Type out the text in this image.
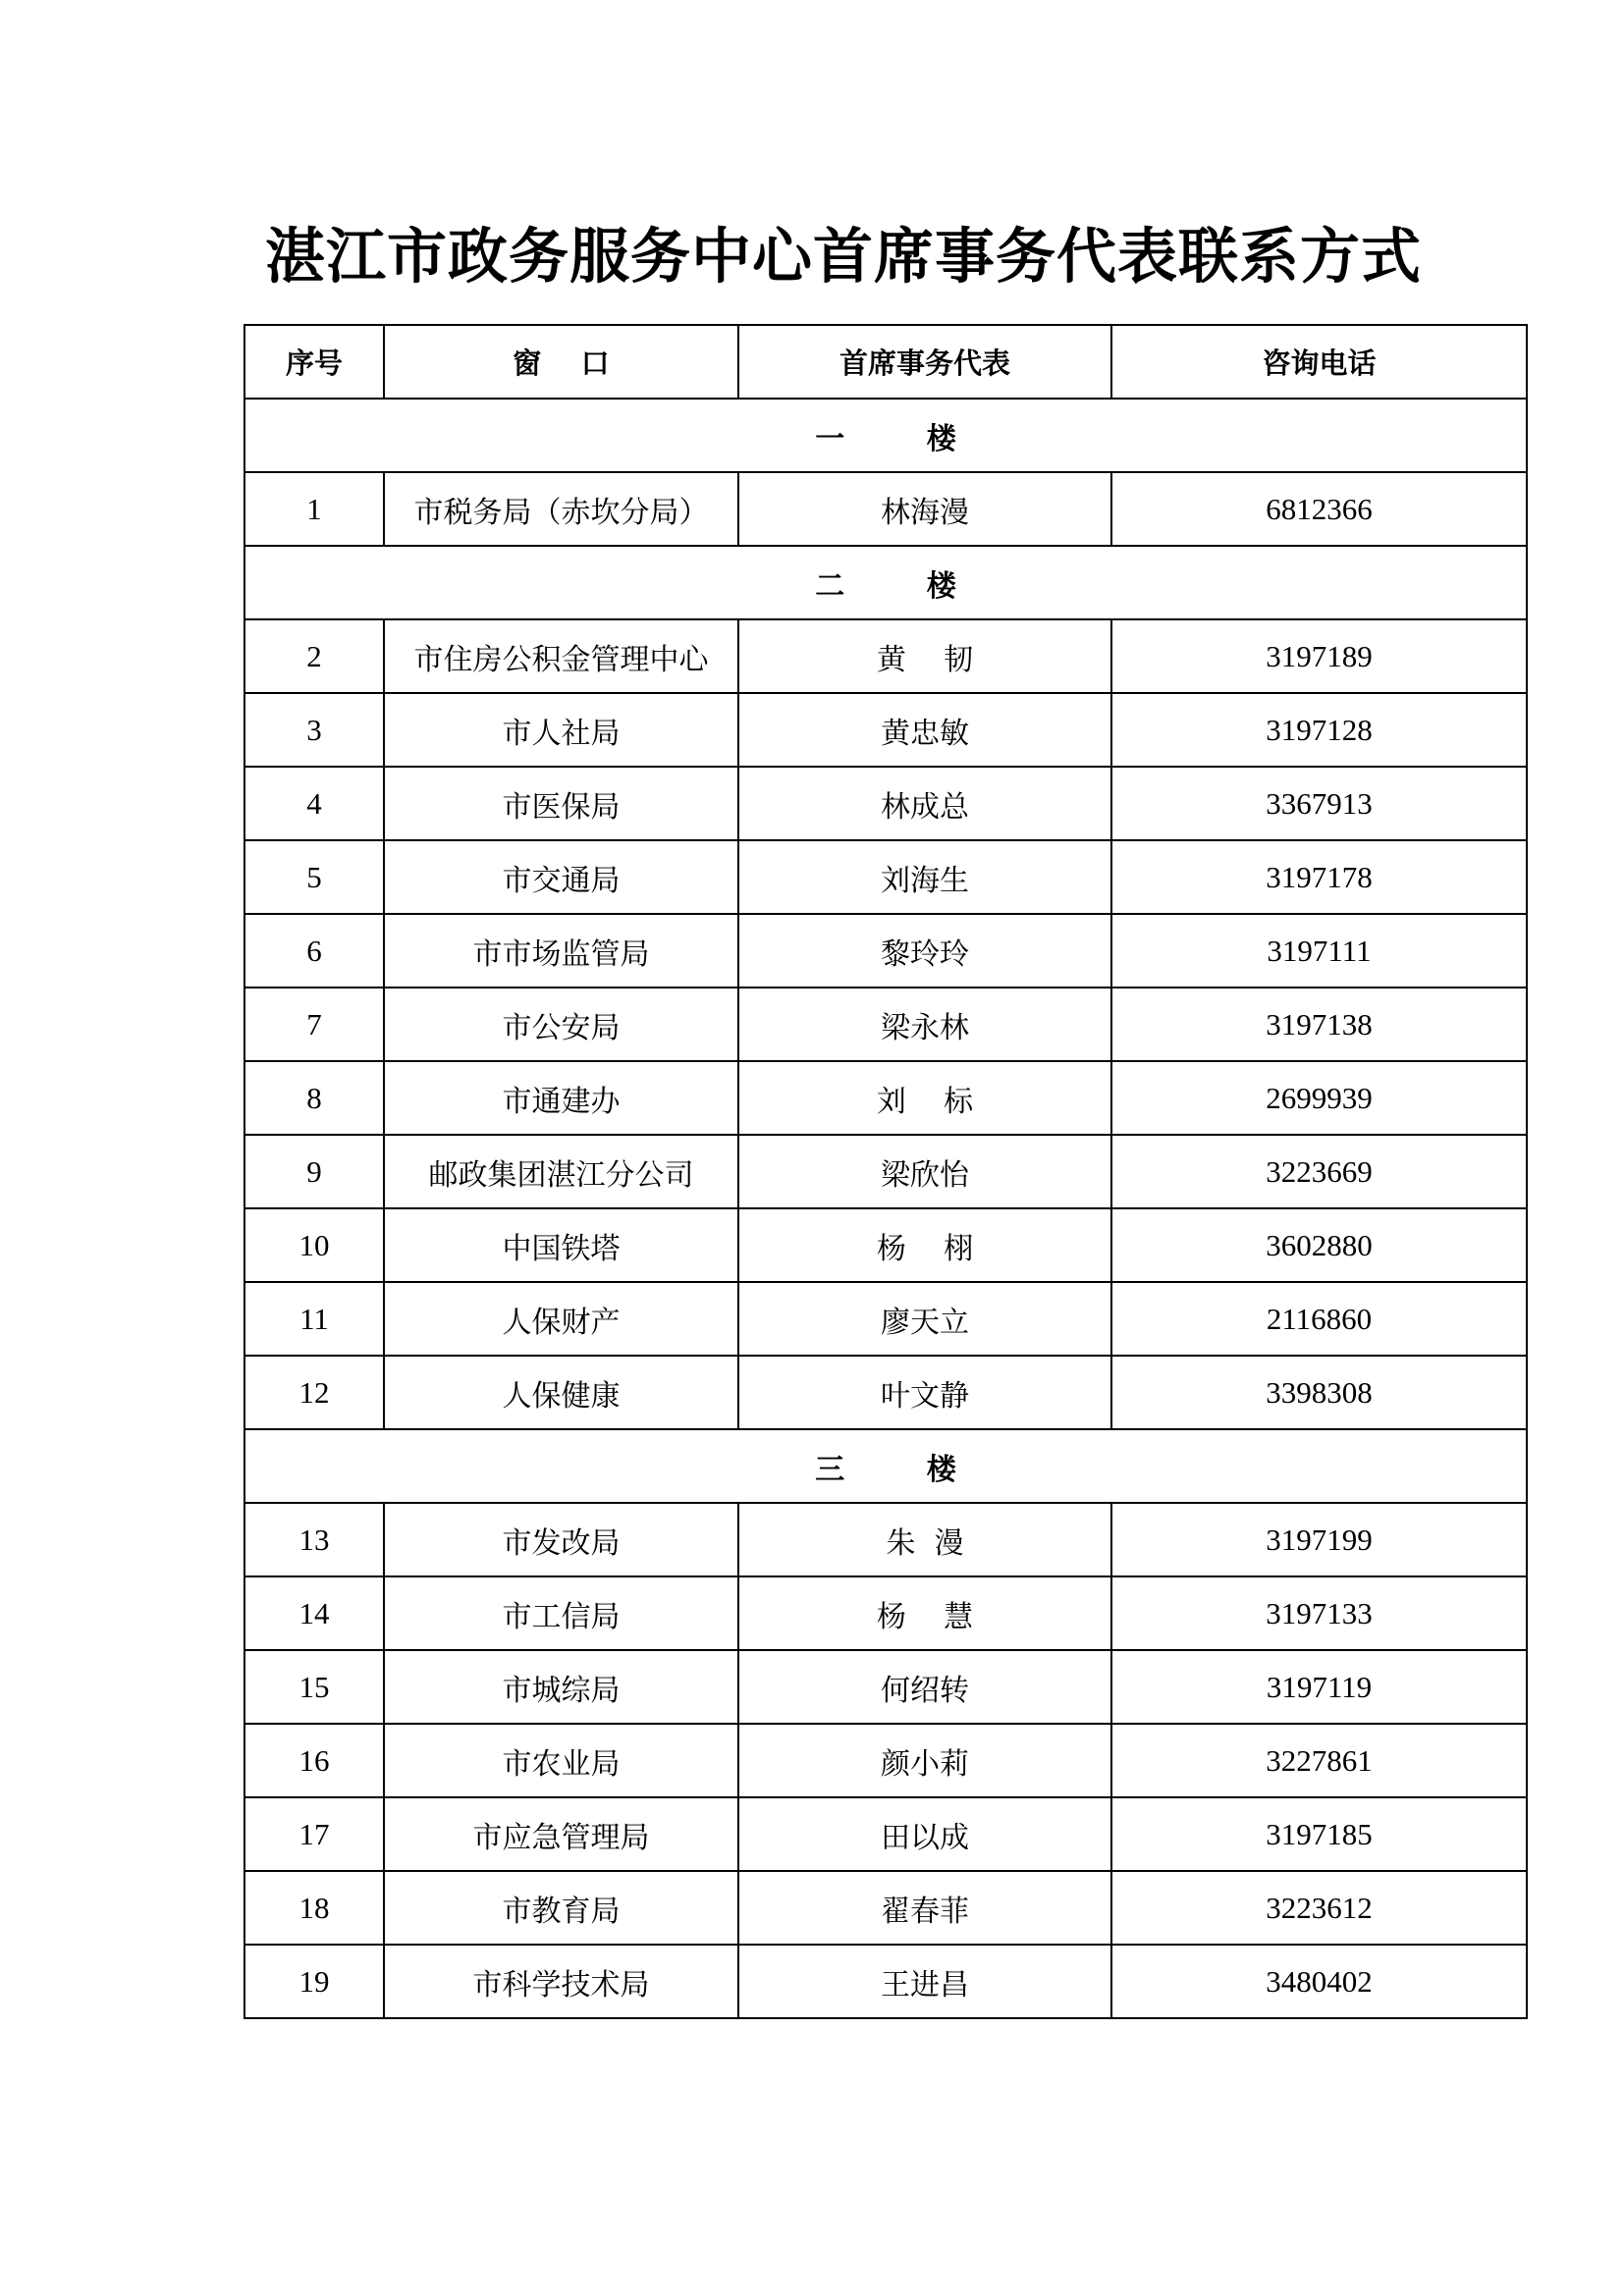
湛江市政务服务中心首席事务代表联系方式
序号	窗    口	首席事务代表	咨询电话
一        楼			
1	市税务局（赤坎分局）	林海漫	6812366
二        楼			
2	市住房公积金管理中心	黄    韧	3197189
3	市人社局	黄忠敏	3197128
4	市医保局	林成总	3367913
5	市交通局	刘海生	3197178
6	市市场监管局	黎玲玲	3197111
7	市公安局	梁永林	3197138
8	市通建办	刘    标	2699939
9	邮政集团湛江分公司	梁欣怡	3223669
10	中国铁塔	杨    栩	3602880
11	人保财产	廖天立	2116860
12	人保健康	叶文静	3398308
三        楼			
13	市发改局	朱  漫	3197199
14	市工信局	杨    慧	3197133
15	市城综局	何绍转	3197119
16	市农业局	颜小莉	3227861
17	市应急管理局	田以成	3197185
18	市教育局	翟春菲	3223612
19	市科学技术局	王进昌	3480402
